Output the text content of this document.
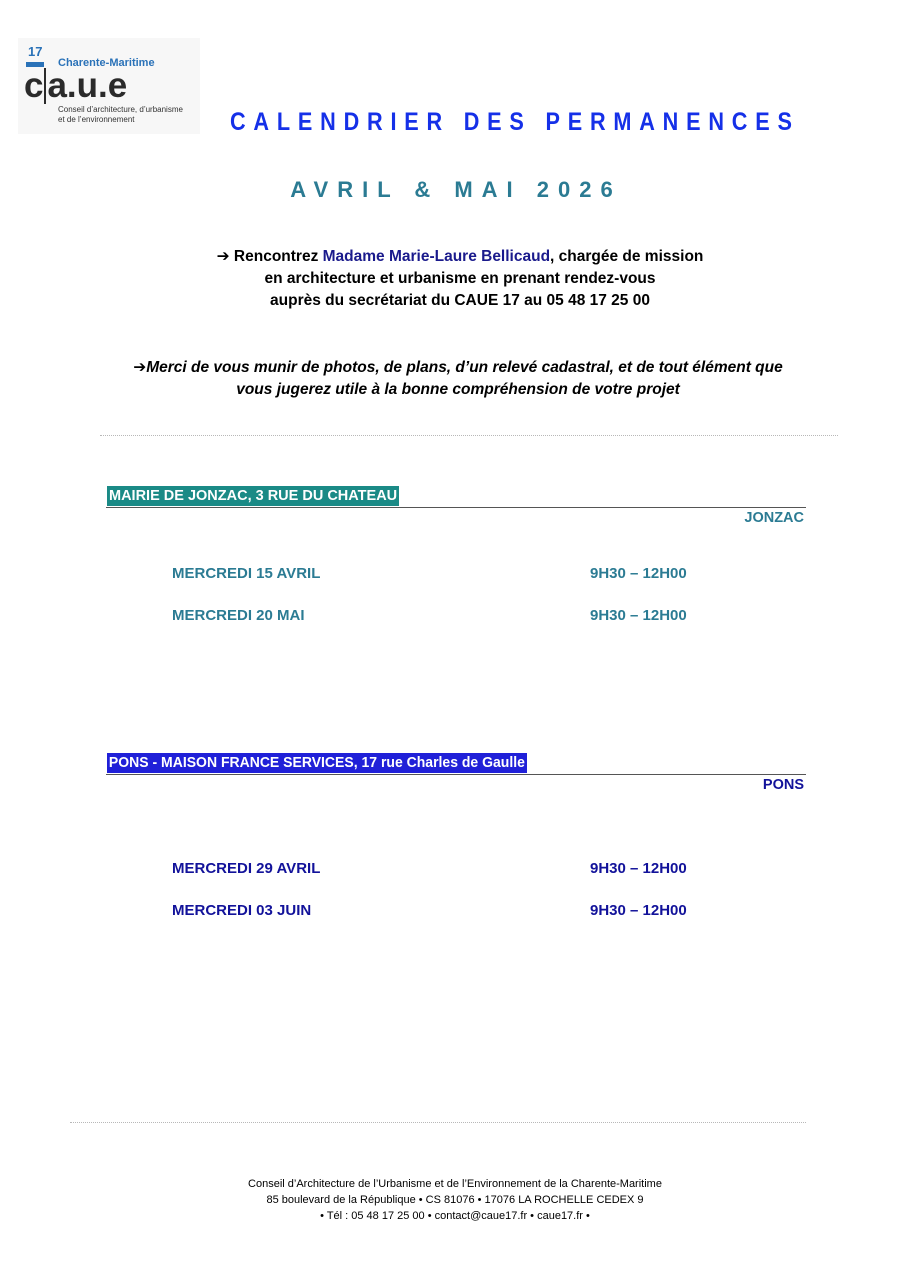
17
Charente-Maritime
c a.u.e
Conseil d’architecture, d’urbanisme
et de l’environnement	CALENDRIER DES PERMANENCES
AVRIL & MAI 2026
➔ Rencontrez Madame Marie-Laure Bellicaud, chargée de mission
en architecture et urbanisme en prenant rendez-vous
auprès du secrétariat du CAUE 17 au 05 48 17 25 00
➔Merci de vous munir de photos, de plans, d’un relevé cadastral, et de tout élément que
vous jugerez utile à la bonne compréhension de votre projet
MAIRIE DE JONZAC, 3 RUE DU CHATEAU
JONZAC
MERCREDI 15 AVRIL	9H30 – 12H00
MERCREDI 20 MAI	9H30 – 12H00
PONS - MAISON FRANCE SERVICES, 17 rue Charles de Gaulle
PONS
MERCREDI 29 AVRIL	9H30 – 12H00
MERCREDI 03 JUIN	9H30 – 12H00
Conseil d’Architecture de l’Urbanisme et de l’Environnement de la Charente-Maritime
85 boulevard de la République • CS 81076 • 17076 LA ROCHELLE CEDEX 9
• Tél : 05 48 17 25 00 • contact@caue17.fr • caue17.fr •
